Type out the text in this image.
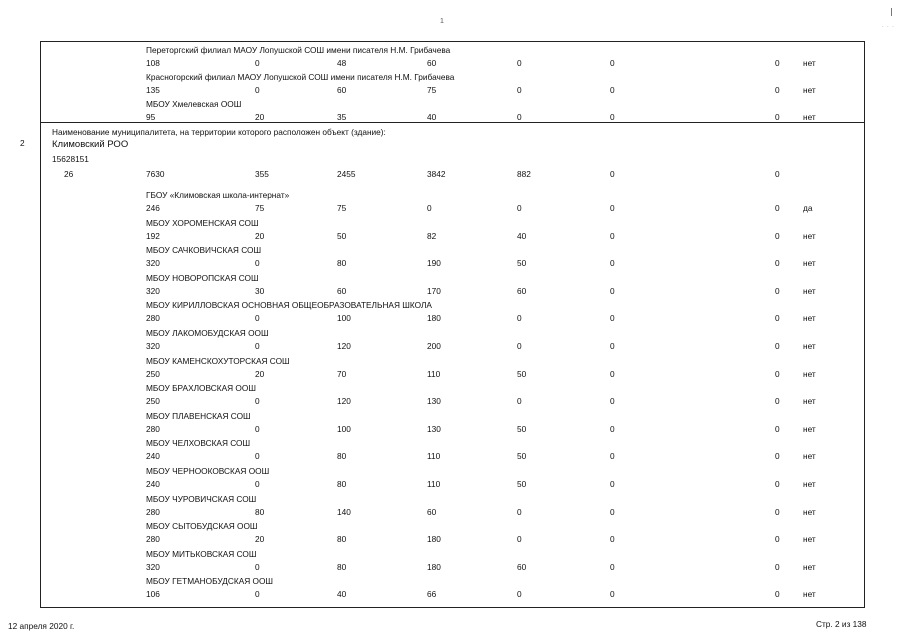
1
· · ·
12 апреля 2020 г.	Стр. 2 из 138
Переторгский филиал МАОУ Лопушской СОШ имени писателя Н.М. Грибачева
108	0	48	60	0	0	0	нет
Красногорский филиал МАОУ Лопушской СОШ имени писателя Н.М. Грибачева
135	0	60	75	0	0	0	нет
МБОУ Хмелевская ООШ
95	20	35	40	0	0	0	нет
2
Наименование муниципалитета, на территории которого расположен объект (здание):
Климовский РОО
15628151
26	7630	355	2455	3842	882	0	0
ГБОУ «Климовская школа-интернат»
246	75	75	0	0	0	0	да
МБОУ ХОРОМЕНСКАЯ СОШ
192	20	50	82	40	0	0	нет
МБОУ САЧКОВИЧСКАЯ СОШ
320	0	80	190	50	0	0	нет
МБОУ НОВОРОПСКАЯ СОШ
320	30	60	170	60	0	0	нет
МБОУ КИРИЛЛОВСКАЯ ОСНОВНАЯ ОБЩЕОБРАЗОВАТЕЛЬНАЯ ШКОЛА
280	0	100	180	0	0	0	нет
МБОУ ЛАКОМОБУДСКАЯ ООШ
320	0	120	200	0	0	0	нет
МБОУ КАМЕНСКОХУТОРСКАЯ СОШ
250	20	70	110	50	0	0	нет
МБОУ БРАХЛОВСКАЯ ООШ
250	0	120	130	0	0	0	нет
МБОУ ПЛАВЕНСКАЯ СОШ
280	0	100	130	50	0	0	нет
МБОУ ЧЕЛХОВСКАЯ СОШ
240	0	80	110	50	0	0	нет
МБОУ ЧЕРНООКОВСКАЯ ООШ
240	0	80	110	50	0	0	нет
МБОУ ЧУРОВИЧСКАЯ СОШ
280	80	140	60	0	0	0	нет
МБОУ СЫТОБУДСКАЯ ООШ
280	20	80	180	0	0	0	нет
МБОУ МИТЬКОВСКАЯ СОШ
320	0	80	180	60	0	0	нет
МБОУ ГЕТМАНОБУДСКАЯ ООШ
106	0	40	66	0	0	0	нет
